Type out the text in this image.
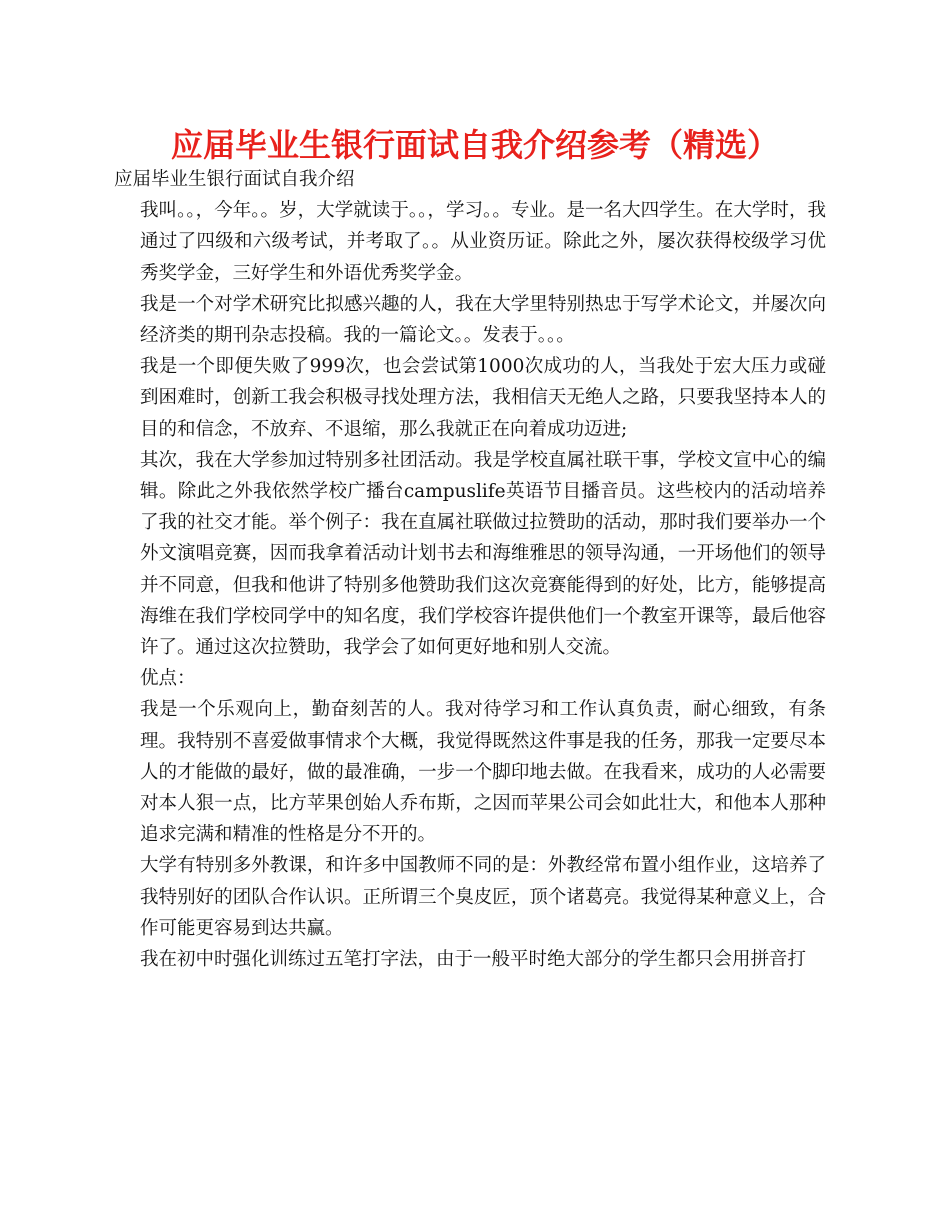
应届毕业生银行面试自我介绍参考（精选）

应届毕业生银行面试自我介绍

我叫。。，今年。。岁，大学就读于。。，学习。。专业。是一名大四学生。在大学时，我通过了四级和六级考试，并考取了。。从业资历证。除此之外，屡次获得校级学习优秀奖学金，三好学生和外语优秀奖学金。

我是一个对学术研究比拟感兴趣的人，我在大学里特别热忠于写学术论文，并屡次向经济类的期刊杂志投稿。我的一篇论文。。发表于。。。

我是一个即便失败了999次，也会尝试第1000次成功的人，当我处于宏大压力或碰到困难时，创新工我会积极寻找处理方法，我相信天无绝人之路，只要我坚持本人的目的和信念，不放弃、不退缩，那么我就正在向着成功迈进;

其次，我在大学参加过特别多社团活动。我是学校直属社联干事，学校文宣中心的编辑。除此之外我依然学校广播台campuslife英语节目播音员。这些校内的活动培养了我的社交才能。举个例子：我在直属社联做过拉赞助的活动，那时我们要举办一个外文演唱竞赛，因而我拿着活动计划书去和海维雅思的领导沟通，一开场他们的领导并不同意，但我和他讲了特别多他赞助我们这次竞赛能得到的好处，比方，能够提高海维在我们学校同学中的知名度，我们学校容许提供他们一个教室开课等，最后他容许了。通过这次拉赞助，我学会了如何更好地和别人交流。

优点：

我是一个乐观向上，勤奋刻苦的人。我对待学习和工作认真负责，耐心细致，有条理。我特别不喜爱做事情求个大概，我觉得既然这件事是我的任务，那我一定要尽本人的才能做的最好，做的最准确，一步一个脚印地去做。在我看来，成功的人必需要对本人狠一点，比方苹果创始人乔布斯，之因而苹果公司会如此壮大，和他本人那种追求完满和精准的性格是分不开的。

大学有特别多外教课，和许多中国教师不同的是：外教经常布置小组作业，这培养了我特别好的团队合作认识。正所谓三个臭皮匠，顶个诸葛亮。我觉得某种意义上，合作可能更容易到达共赢。

我在初中时强化训练过五笔打字法，由于一般平时绝大部分的学生都只会用拼音打
